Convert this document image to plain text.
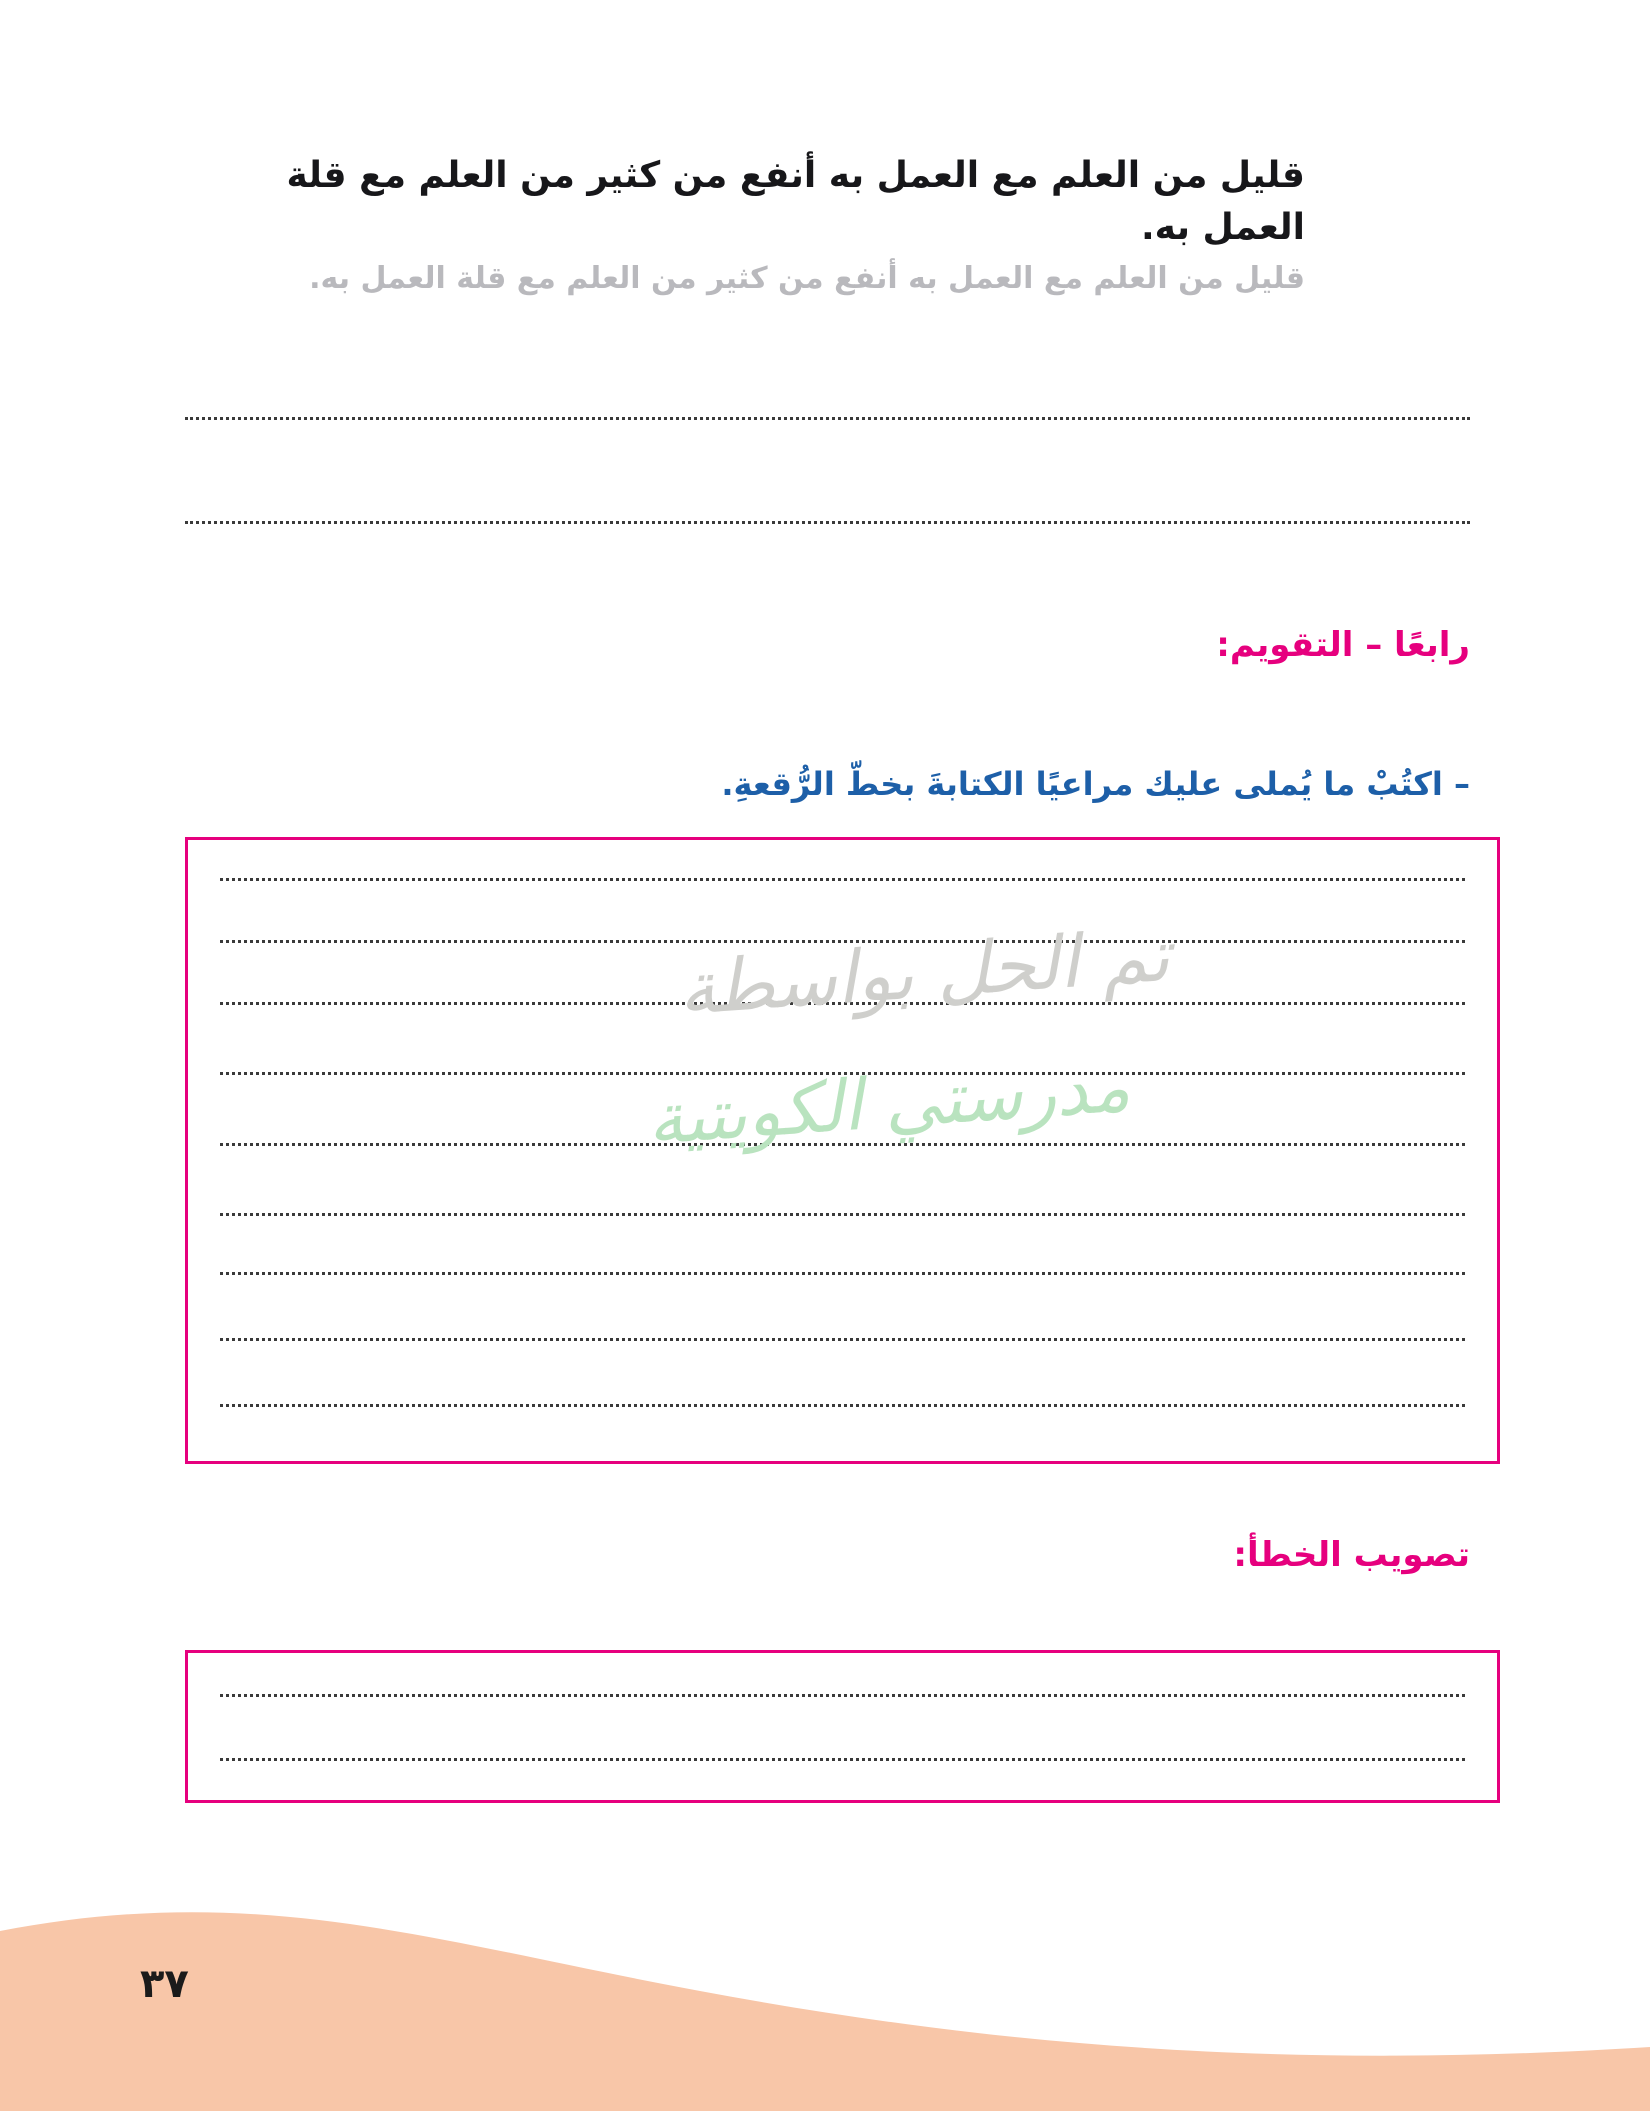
قليل من العلم مع العمل به أنفع من كثير من العلم مع قلة العمل به.
قليل من العلم مع العمل به أنفع من كثير من العلم مع قلة العمل به.
رابعًا – التقويم:
– اكتُبْ ما يُملى عليك مراعيًا الكتابةَ بخطّ الرُّقعةِ.
تم الحل بواسطة
مدرستي الكويتية
تصويب الخطأ:
٣٧
